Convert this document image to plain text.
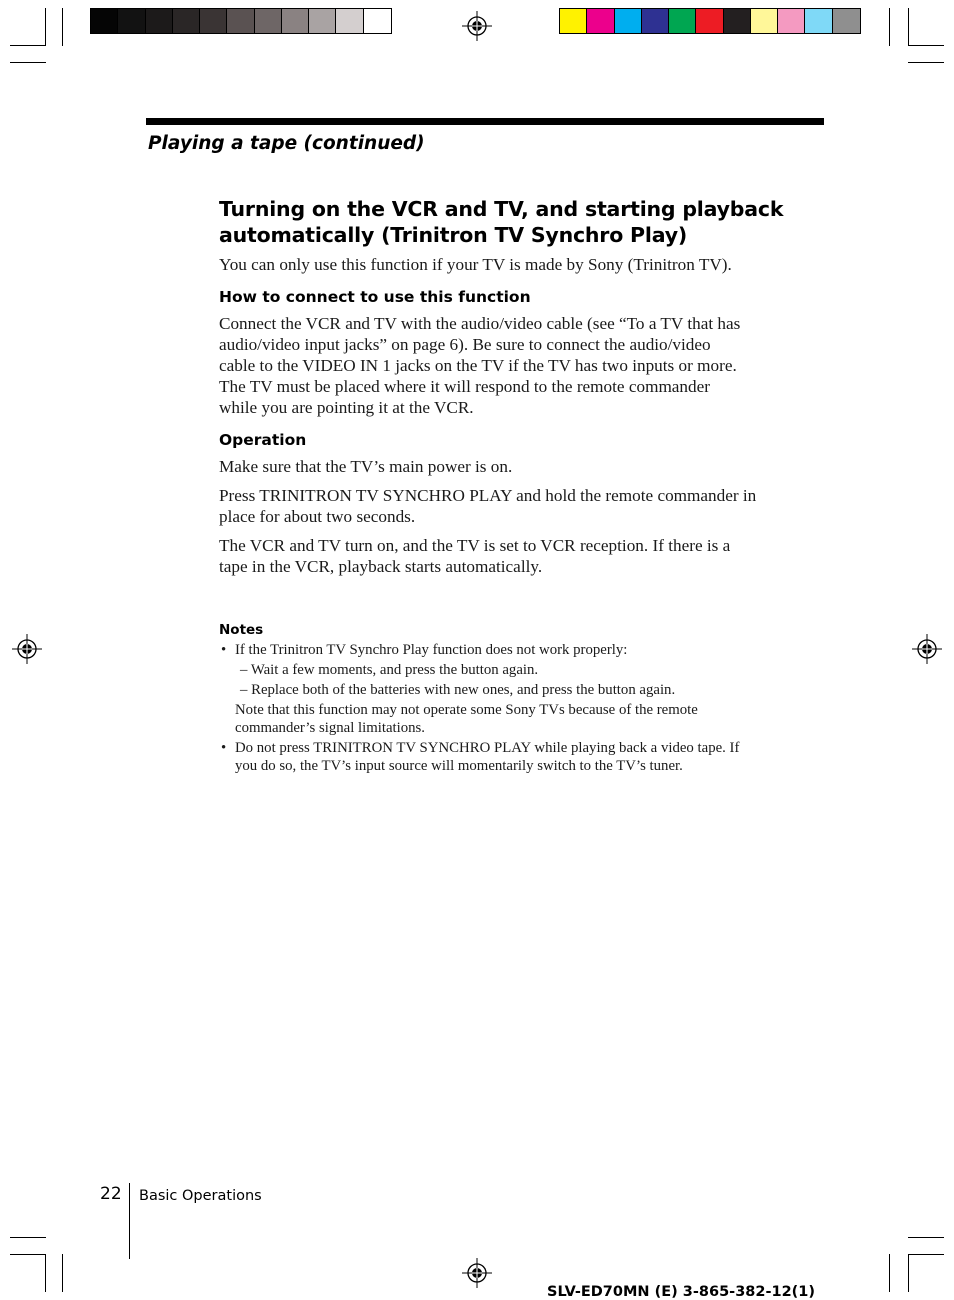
Playing a tape (continued)
Turning on the VCR and TV, and starting playback
automatically (Trinitron TV Synchro Play)

You can only use this function if your TV is made by Sony (Trinitron TV).

How to connect to use this function
Connect the VCR and TV with the audio/video cable (see “To a TV that has
audio/video input jacks” on page 6). Be sure to connect the audio/video
cable to the VIDEO IN 1 jacks on the TV if the TV has two inputs or more.
The TV must be placed where it will respond to the remote commander
while you are pointing it at the VCR.
Operation

Make sure that the TV’s main power is on.

Press TRINITRON TV SYNCHRO PLAY and hold the remote commander in
place for about two seconds.
The VCR and TV turn on, and the TV is set to VCR reception. If there is a
tape in the VCR, playback starts automatically.
Notes
• If the Trinitron TV Synchro Play function does not work properly:
– Wait a few moments, and press the button again.
– Replace both of the batteries with new ones, and press the button again.
Note that this function may not operate some Sony TVs because of the remote
commander’s signal limitations.
• Do not press TRINITRON TV SYNCHRO PLAY while playing back a video tape. If
you do so, the TV’s input source will momentarily switch to the TV’s tuner.
22 Basic Operations
SLV-ED70MN (E) 3-865-382-12(1)
